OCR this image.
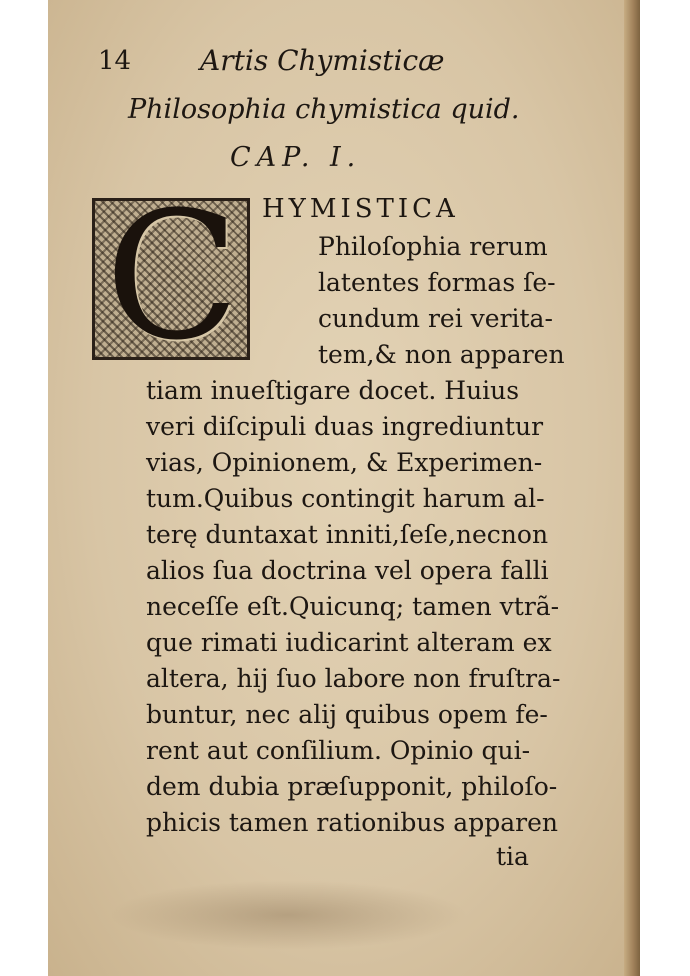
14 Artis Chymisticæ
Philosophia chymistica quid.
CAP. I.
C HYMISTICA
Philoſophia rerum
latentes formas ſe-
cundum rei verita-
tem,& non apparen
tiam inueſtigare docet. Huius
veri diſcipuli duas ingrediuntur
vias, Opinionem, & Experimen-
tum.Quibus contingit harum al-
terę duntaxat inniti,ſeſe,necnon
alios ſua doctrina vel opera falli
neceſſe eſt.Quicunq; tamen vtrã-
que rimati iudicarint alteram ex
altera, hij ſuo labore non fruſtra-
buntur, nec alij quibus opem fe-
rent aut conſilium. Opinio qui-
dem dubia præſupponit, philoſo-
phicis tamen rationibus apparen
tia
